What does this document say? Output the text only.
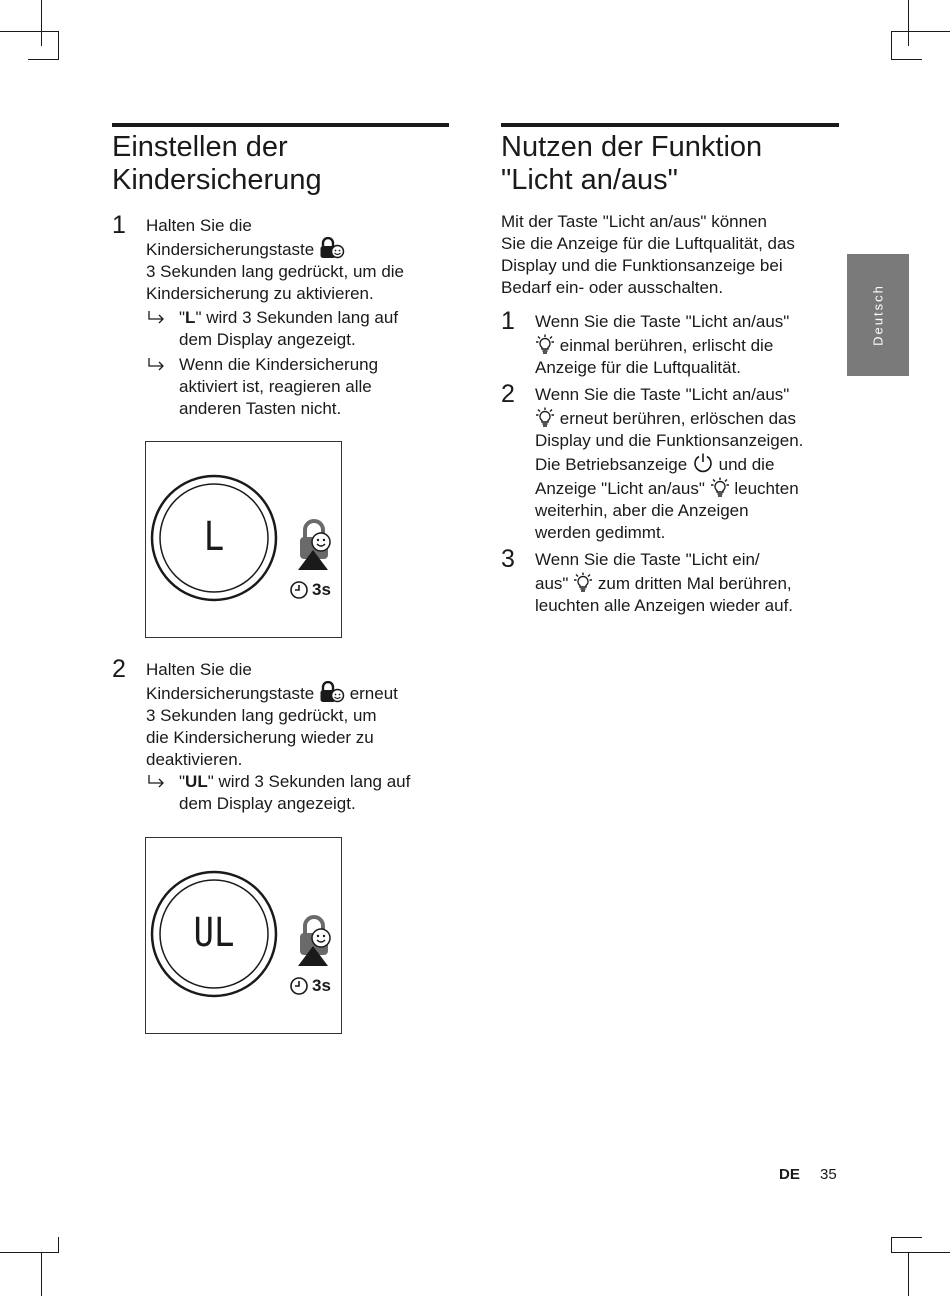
Deutsch
Einstellen der
Kindersicherung
1 Halten Sie die
Kindersicherungstaste
3 Sekunden lang gedrückt, um die
Kindersicherung zu aktivieren.
"L" wird 3 Sekunden lang auf
dem Display angezeigt.
Wenn die Kindersicherung
aktiviert ist, reagieren alle
anderen Tasten nicht.
2 Halten Sie die
Kindersicherungstaste erneut
3 Sekunden lang gedrückt, um
die Kindersicherung wieder zu
deaktivieren.
"UL" wird 3 Sekunden lang auf
dem Display angezeigt.
L
3s
UL
3s
Nutzen der Funktion
"Licht an/aus"
Mit der Taste "Licht an/aus" können
Sie die Anzeige für die Luftqualität, das
Display und die Funktionsanzeige bei
Bedarf ein- oder ausschalten.
1 Wenn Sie die Taste "Licht an/aus"
einmal berühren, erlischt die
Anzeige für die Luftqualität.
2 Wenn Sie die Taste "Licht an/aus"
erneut berühren, erlöschen das
Display und die Funktionsanzeigen.
Die Betriebsanzeige und die
Anzeige "Licht an/aus" leuchten
weiterhin, aber die Anzeigen
werden gedimmt.
3 Wenn Sie die Taste "Licht ein/
aus" zum dritten Mal berühren,
leuchten alle Anzeigen wieder auf.
DE 35
